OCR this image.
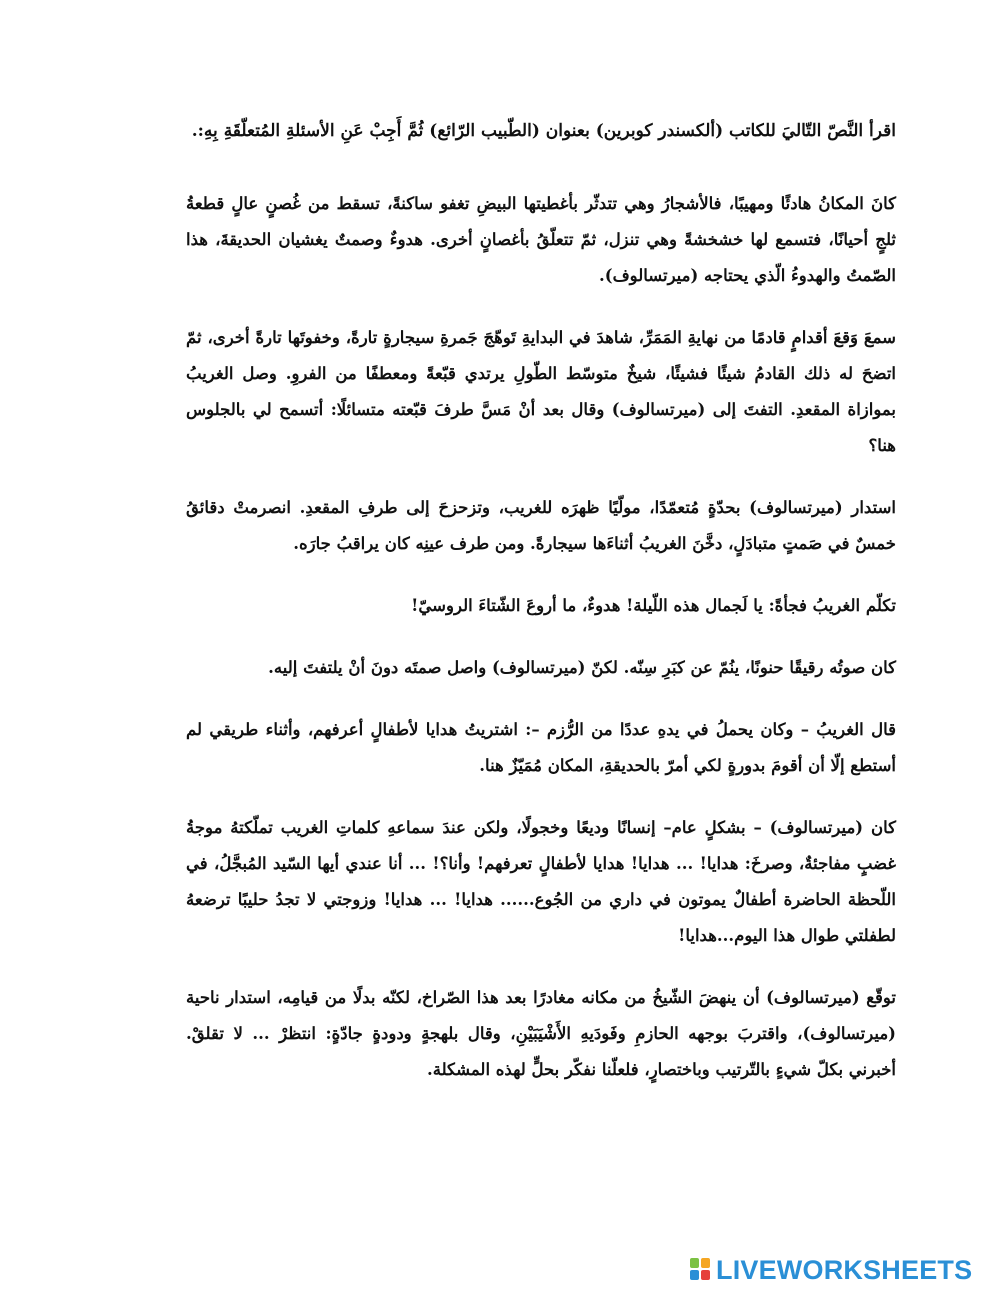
اقرأ النَّصّ التّاليَ للكاتب (ألكسندر كوبرين) بعنوان (الطّبيب الرّائع) ثُمَّ أَجِبْ عَنِ الأسئلةِ المُتعلّقَةِ بِهِ:.

كانَ المكانُ هادئًا ومهيبًا، فالأشجارُ وهي تتدثّر بأغطيتها البيضِ تغفو ساكنةً، تسقط من غُصنٍ عالٍ قطعةُ ثلجٍ أحيانًا، فتسمع لها خشخشةً وهي تنزل، ثمّ تتعلّقُ بأغصانٍ أخرى. هدوءٌ وصمتٌ يغشيان الحديقةَ، هذا الصّمتُ والهدوءُ الّذي يحتاجه (ميرتسالوف).

سمعَ وَقعَ أقدامٍ قادمًا من نهايةِ المَمَرِّ، شاهدَ في البدايةِ تَوهّجَ جَمرةِ سيجارةٍ تارةً، وخفوتَها تارةً أخرى، ثمّ اتضحَ له ذلك القادمُ شيئًا فشيئًا، شيخٌ متوسّط الطّولِ يرتدي قبّعةً ومعطفًا من الفروِ. وصل الغريبُ بموازاة المقعدِ. التفتَ إلى (ميرتسالوف) وقال بعد أنْ مَسَّ طرفَ قبّعته متسائلًا: أتسمح لي بالجلوس هنا؟

استدار (ميرتسالوف) بحدّةٍ مُتعمّدًا، مولّيًا ظهرَه للغريب، وتزحزحَ إلى طرفِ المقعدِ. انصرمتْ دقائقُ خمسٌ في صَمتٍ متبادَلٍ، دخَّنَ الغريبُ أثناءَها سيجارةً. ومن طرف عينِه كان يراقبُ جارَه.

تكلّم الغريبُ فجأةً: يا لَجمال هذه اللّيلة! هدوءٌ، ما أروعَ الشّتاءَ الروسيّ!

كان صوتُه رقيقًا حنونًا، ينُمّ عن كبَرِ سِنّه. لكنّ (ميرتسالوف) واصل صمتَه دونَ أنْ يلتفتَ إليه.

قال الغريبُ – وكان يحملُ في يدهِ عددًا من الرُّزم –: اشتريتُ هدايا لأطفالٍ أعرفهم، وأثناء طريقي لم أستطع إلّا أن أقومَ بدورةٍ لكي أمرّ بالحديقةِ، المكان مُمَيّزٌ هنا.

كان (ميرتسالوف) – بشكلٍ عام– إنسانًا وديعًا وخجولًا، ولكن عندَ سماعهِ كلماتِ الغريب تملّكتهُ موجةُ غضبٍ مفاجئةٌ، وصرخَ: هدايا! ... هدايا! هدايا لأطفالٍ تعرفهم! وأنا؟! ... أنا عندي أيها السّيد المُبجَّلُ، في اللّحظة الحاضرة أطفالٌ يموتون في داري من الجُوع...... هدايا! ... هدايا! وزوجتي لا تجدُ حليبًا ترضعهُ لطفلتي طوال هذا اليوم...هدايا!

توقّع (ميرتسالوف) أن ينهضَ الشّيخُ من مكانه مغادرًا بعد هذا الصّراخ، لكنّه بدلًا من قيامِه، استدار ناحية (ميرتسالوف)، واقتربَ بوجهه الحازمِ وفَودَيهِ الأَشْيَبَيْنِ، وقال بلهجةٍ ودودةٍ جادّةٍ: انتظرْ ... لا تقلقْ. أخبرني بكلّ شيءٍ بالتّرتيب وباختصارٍ، فلعلّنا نفكّر بحلٍّ لهذه المشكلة.

LIVEWORKSHEETS
